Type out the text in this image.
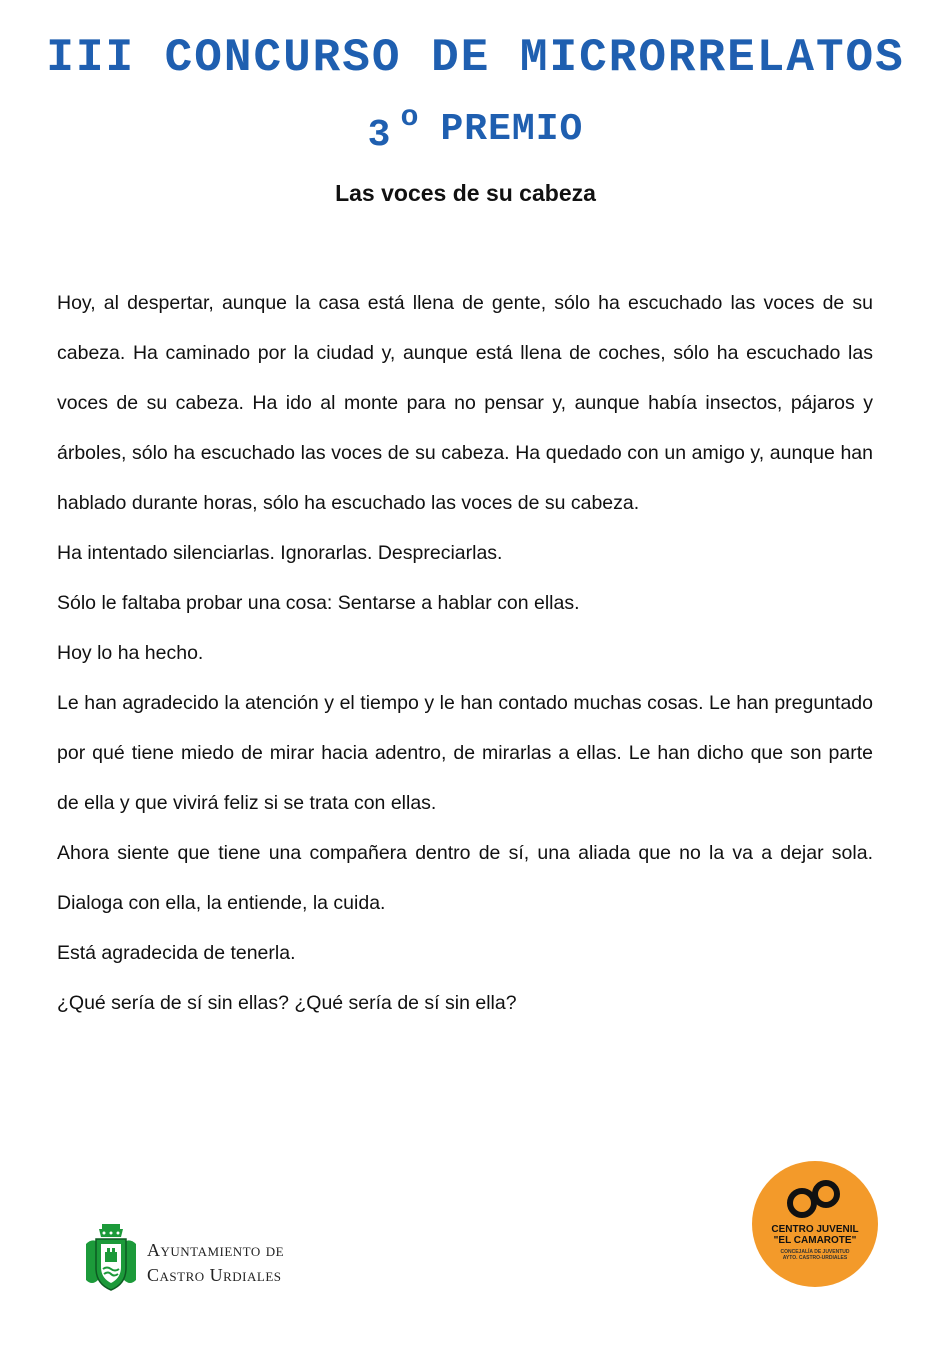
III CONCURSO DE MICRORRELATOS
3 o PREMIO
Las voces de su cabeza

Hoy, al despertar, aunque la casa está llena de gente, sólo ha escuchado las voces de su cabeza. Ha caminado por la ciudad y, aunque está llena de coches, sólo ha escuchado las voces de su cabeza. Ha ido al monte para no pensar y, aunque había insectos, pájaros y árboles, sólo ha escuchado las voces de su cabeza. Ha quedado con un amigo y, aunque han hablado durante horas, sólo ha escuchado las voces de su cabeza.

Ha intentado silenciarlas. Ignorarlas. Despreciarlas.

Sólo le faltaba probar una cosa: Sentarse a hablar con ellas.

Hoy lo ha hecho.

Le han agradecido la atención y el tiempo y le han contado muchas cosas. Le han preguntado por qué tiene miedo de mirar hacia adentro, de mirarlas a ellas. Le han dicho que son parte de ella y que vivirá feliz si se trata con ellas.

Ahora siente que tiene una compañera dentro de sí, una aliada que no la va a dejar sola. Dialoga con ella, la entiende, la cuida.

Está agradecida de tenerla.

¿Qué sería de sí sin ellas? ¿Qué sería de sí sin ella?

Ayuntamiento de
Castro Urdiales
CENTRO JUVENIL
"EL CAMAROTE"
CONCEJALÍA DE JUVENTUD
AYTO. CASTRO-URDIALES
